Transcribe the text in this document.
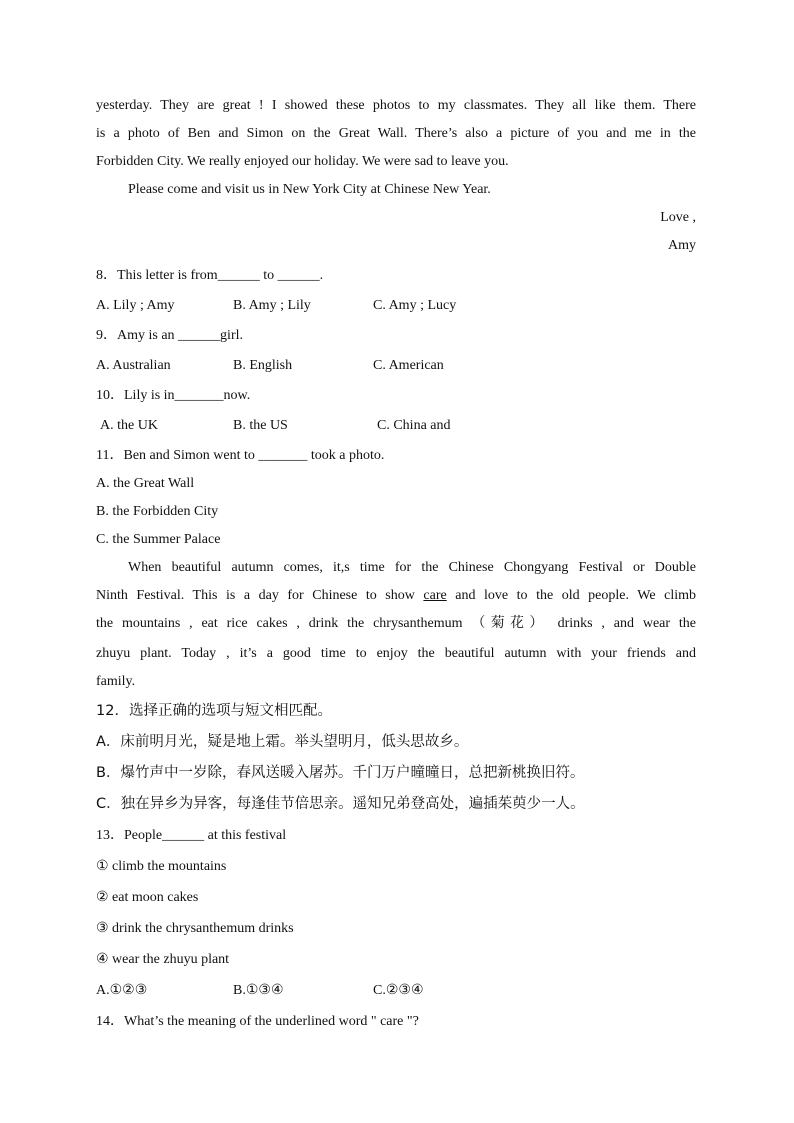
yesterday. They are great ! I showed these photos to my classmates. They all like them. There
is a photo of Ben and Simon on the Great Wall. There’s also a picture of you and me in the
Forbidden City. We really enjoyed our holiday. We were sad to leave you.
Please come and visit us in New York City at Chinese New Year.
Love ,
Amy
8．This letter is from______ to ______.
A. Lily ; Amy	B. Amy ; Lily	C. Amy ; Lucy
9．Amy is an ______girl.
A. Australian	B. English	C. American
10．Lily is in_______now.
A. the UK	B. the US	C. China and
11．Ben and Simon went to _______ took a photo.
A. the Great Wall
B. the Forbidden City
C. the Summer Palace
When beautiful autumn comes, it,s time for the Chinese Chongyang Festival or Double
Ninth Festival. This is a day for Chinese to show care and love to the old people. We climb
the mountains , eat rice cakes , drink the chrysanthemum （菊花） drinks , and wear the
zhuyu plant. Today , it’s a good time to enjoy the beautiful autumn with your friends and
family.
12．选择正确的选项与短文相匹配。
A．床前明月光，疑是地上霜。举头望明月，低头思故乡。
B．爆竹声中一岁除，春风送暖入屠苏。千门万户曈曈日，总把新桃换旧符。
C．独在异乡为异客，每逢佳节倍思亲。遥知兄弟登高处，遍插茱萸少一人。
13．People______ at this festival
① climb the mountains
② eat moon cakes
③ drink the chrysanthemum drinks
④ wear the zhuyu plant
A.①②③	B.①③④	C.②③④
14．What’s the meaning of the underlined word " care "?
